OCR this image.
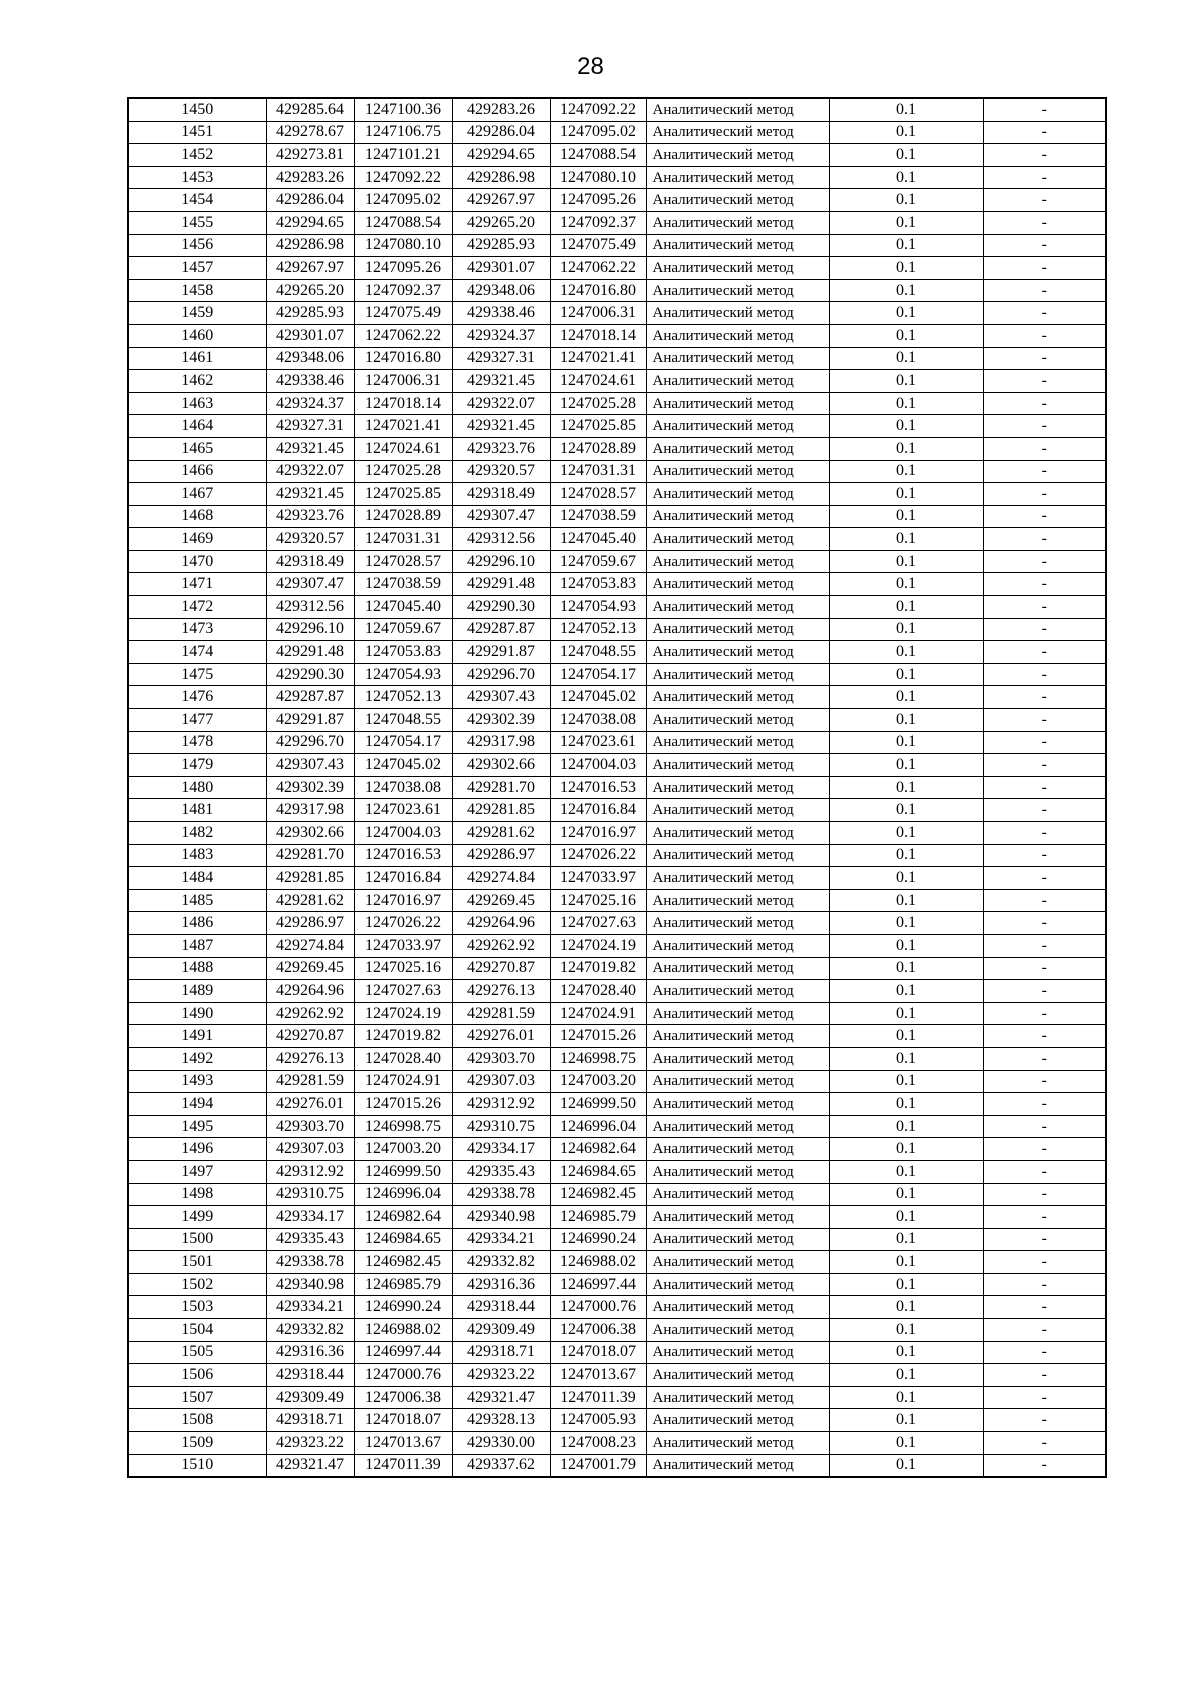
28
1450	429285.64	1247100.36	429283.26	1247092.22	Аналитический метод	0.1	-
1451	429278.67	1247106.75	429286.04	1247095.02	Аналитический метод	0.1	-
1452	429273.81	1247101.21	429294.65	1247088.54	Аналитический метод	0.1	-
1453	429283.26	1247092.22	429286.98	1247080.10	Аналитический метод	0.1	-
1454	429286.04	1247095.02	429267.97	1247095.26	Аналитический метод	0.1	-
1455	429294.65	1247088.54	429265.20	1247092.37	Аналитический метод	0.1	-
1456	429286.98	1247080.10	429285.93	1247075.49	Аналитический метод	0.1	-
1457	429267.97	1247095.26	429301.07	1247062.22	Аналитический метод	0.1	-
1458	429265.20	1247092.37	429348.06	1247016.80	Аналитический метод	0.1	-
1459	429285.93	1247075.49	429338.46	1247006.31	Аналитический метод	0.1	-
1460	429301.07	1247062.22	429324.37	1247018.14	Аналитический метод	0.1	-
1461	429348.06	1247016.80	429327.31	1247021.41	Аналитический метод	0.1	-
1462	429338.46	1247006.31	429321.45	1247024.61	Аналитический метод	0.1	-
1463	429324.37	1247018.14	429322.07	1247025.28	Аналитический метод	0.1	-
1464	429327.31	1247021.41	429321.45	1247025.85	Аналитический метод	0.1	-
1465	429321.45	1247024.61	429323.76	1247028.89	Аналитический метод	0.1	-
1466	429322.07	1247025.28	429320.57	1247031.31	Аналитический метод	0.1	-
1467	429321.45	1247025.85	429318.49	1247028.57	Аналитический метод	0.1	-
1468	429323.76	1247028.89	429307.47	1247038.59	Аналитический метод	0.1	-
1469	429320.57	1247031.31	429312.56	1247045.40	Аналитический метод	0.1	-
1470	429318.49	1247028.57	429296.10	1247059.67	Аналитический метод	0.1	-
1471	429307.47	1247038.59	429291.48	1247053.83	Аналитический метод	0.1	-
1472	429312.56	1247045.40	429290.30	1247054.93	Аналитический метод	0.1	-
1473	429296.10	1247059.67	429287.87	1247052.13	Аналитический метод	0.1	-
1474	429291.48	1247053.83	429291.87	1247048.55	Аналитический метод	0.1	-
1475	429290.30	1247054.93	429296.70	1247054.17	Аналитический метод	0.1	-
1476	429287.87	1247052.13	429307.43	1247045.02	Аналитический метод	0.1	-
1477	429291.87	1247048.55	429302.39	1247038.08	Аналитический метод	0.1	-
1478	429296.70	1247054.17	429317.98	1247023.61	Аналитический метод	0.1	-
1479	429307.43	1247045.02	429302.66	1247004.03	Аналитический метод	0.1	-
1480	429302.39	1247038.08	429281.70	1247016.53	Аналитический метод	0.1	-
1481	429317.98	1247023.61	429281.85	1247016.84	Аналитический метод	0.1	-
1482	429302.66	1247004.03	429281.62	1247016.97	Аналитический метод	0.1	-
1483	429281.70	1247016.53	429286.97	1247026.22	Аналитический метод	0.1	-
1484	429281.85	1247016.84	429274.84	1247033.97	Аналитический метод	0.1	-
1485	429281.62	1247016.97	429269.45	1247025.16	Аналитический метод	0.1	-
1486	429286.97	1247026.22	429264.96	1247027.63	Аналитический метод	0.1	-
1487	429274.84	1247033.97	429262.92	1247024.19	Аналитический метод	0.1	-
1488	429269.45	1247025.16	429270.87	1247019.82	Аналитический метод	0.1	-
1489	429264.96	1247027.63	429276.13	1247028.40	Аналитический метод	0.1	-
1490	429262.92	1247024.19	429281.59	1247024.91	Аналитический метод	0.1	-
1491	429270.87	1247019.82	429276.01	1247015.26	Аналитический метод	0.1	-
1492	429276.13	1247028.40	429303.70	1246998.75	Аналитический метод	0.1	-
1493	429281.59	1247024.91	429307.03	1247003.20	Аналитический метод	0.1	-
1494	429276.01	1247015.26	429312.92	1246999.50	Аналитический метод	0.1	-
1495	429303.70	1246998.75	429310.75	1246996.04	Аналитический метод	0.1	-
1496	429307.03	1247003.20	429334.17	1246982.64	Аналитический метод	0.1	-
1497	429312.92	1246999.50	429335.43	1246984.65	Аналитический метод	0.1	-
1498	429310.75	1246996.04	429338.78	1246982.45	Аналитический метод	0.1	-
1499	429334.17	1246982.64	429340.98	1246985.79	Аналитический метод	0.1	-
1500	429335.43	1246984.65	429334.21	1246990.24	Аналитический метод	0.1	-
1501	429338.78	1246982.45	429332.82	1246988.02	Аналитический метод	0.1	-
1502	429340.98	1246985.79	429316.36	1246997.44	Аналитический метод	0.1	-
1503	429334.21	1246990.24	429318.44	1247000.76	Аналитический метод	0.1	-
1504	429332.82	1246988.02	429309.49	1247006.38	Аналитический метод	0.1	-
1505	429316.36	1246997.44	429318.71	1247018.07	Аналитический метод	0.1	-
1506	429318.44	1247000.76	429323.22	1247013.67	Аналитический метод	0.1	-
1507	429309.49	1247006.38	429321.47	1247011.39	Аналитический метод	0.1	-
1508	429318.71	1247018.07	429328.13	1247005.93	Аналитический метод	0.1	-
1509	429323.22	1247013.67	429330.00	1247008.23	Аналитический метод	0.1	-
1510	429321.47	1247011.39	429337.62	1247001.79	Аналитический метод	0.1	-
